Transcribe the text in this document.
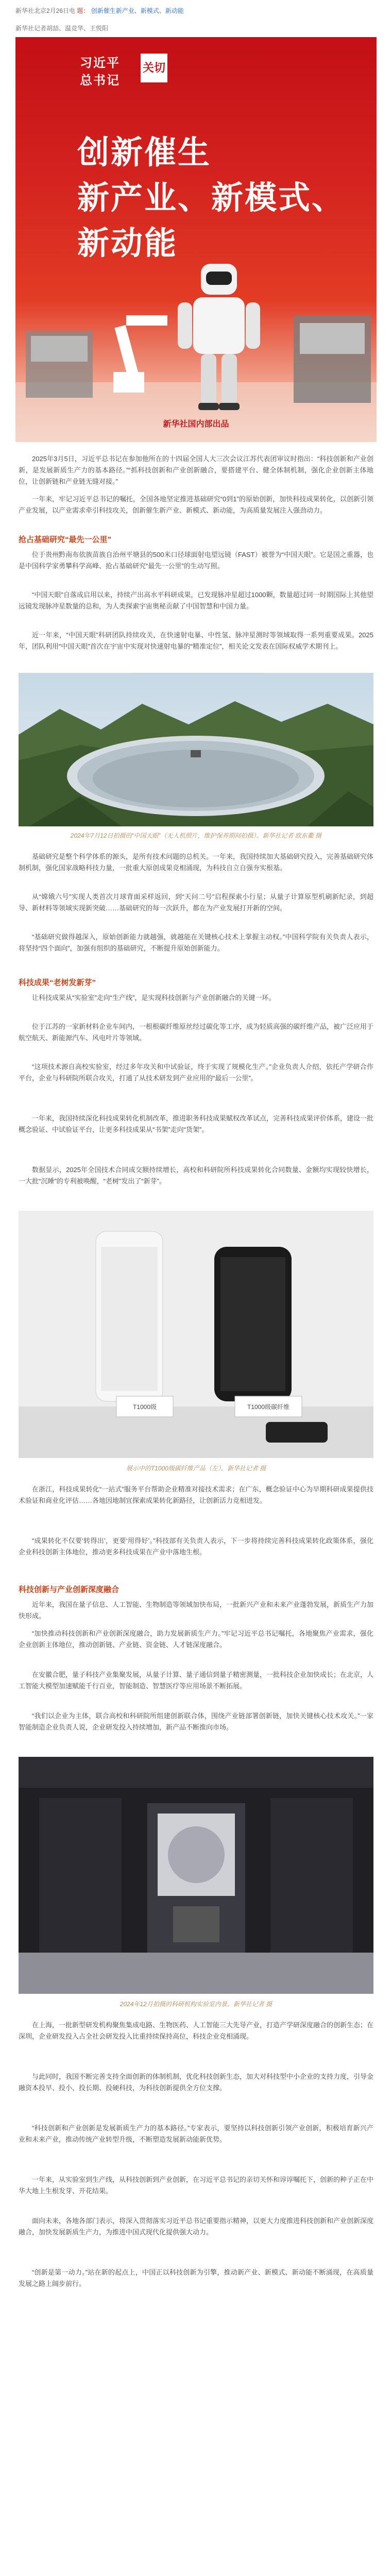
新华社北京2月26日电 题： 创新催生新产业、新模式、新动能
新华社记者胡喆、温竞华、王悦阳
习近平
总书记
关切
创新催生
新产业、新模式、
新动能
新华社国内部出品

2025年3月5日，习近平总书记在参加他所在的十四届全国人大三次会议江苏代表团审议时指出：“科技创新和产业创新，是发展新质生产力的基本路径。”“抓科技创新和产业创新融合，要搭建平台、健全体制机制，强化企业创新主体地位，让创新链和产业链无缝对接。”

一年来，牢记习近平总书记的嘱托，全国各地坚定推进基础研究“0到1”的原始创新，加快科技成果转化，以创新引领产业发展，以产业需求牵引科技攻关，创新催生新产业、新模式、新动能，为高质量发展注入强劲动力。

抢占基础研究“最先一公里”

位于贵州黔南布依族苗族自治州平塘县的500米口径球面射电望远镜（FAST）被誉为“中国天眼”。它是国之重器，也是中国科学家勇攀科学高峰、抢占基础研究“最先一公里”的生动写照。

“中国天眼”自落成启用以来，持续产出高水平科研成果，已发现脉冲星超过1000颗，数量超过同一时期国际上其他望远镜发现脉冲星数量的总和，为人类探索宇宙奥秘贡献了中国智慧和中国力量。

近一年来，“中国天眼”科研团队持续攻关，在快速射电暴、中性氢、脉冲星测时等领域取得一系列重要成果。2025年，团队利用“中国天眼”首次在宇宙中实现对快速射电暴的“精准定位”，相关论文发表在国际权威学术期刊上。

2024年7月12日拍摄的“中国天眼”（无人机照片，维护保养期间拍摄）。新华社记者 欧东衢 摄

基础研究是整个科学体系的源头，是所有技术问题的总机关。一年来，我国持续加大基础研究投入，完善基础研究体制机制，强化国家战略科技力量，一批重大原创成果竞相涌现，为科技自立自强夯实根基。

从“嫦娥六号”实现人类首次月球背面采样返回，到“天问二号”启程探索小行星；从量子计算原型机刷新纪录，到超导、新材料等领域实现新突破……基础研究的每一次跃升，都在为产业发展打开新的空间。

“基础研究做得越深入，原始创新能力就越强，就越能在关键核心技术上掌握主动权。”中国科学院有关负责人表示，将坚持“四个面向”，加强有组织的基础研究，不断提升原始创新能力。

科技成果“老树发新芽”

让科技成果从“实验室”走向“生产线”，是实现科技创新与产业创新融合的关键一环。

位于江苏的一家新材料企业车间内，一根根碳纤维原丝经过碳化等工序，成为轻质高强的碳纤维产品，被广泛应用于航空航天、新能源汽车、风电叶片等领域。

“这项技术源自高校实验室，经过多年攻关和中试验证，终于实现了规模化生产。”企业负责人介绍，依托产学研合作平台，企业与科研院所联合攻关，打通了从技术研发到产业应用的“最后一公里”。

一年来，我国持续深化科技成果转化机制改革，推进职务科技成果赋权改革试点，完善科技成果评价体系，建设一批概念验证、中试验证平台，让更多科技成果从“书架”走向“货架”。

数据显示，2025年全国技术合同成交额持续增长，高校和科研院所科技成果转化合同数量、金额均实现较快增长，一大批“沉睡”的专利被唤醒，“老树”发出了“新芽”。

T1000级	T1000级碳纤维
展示中的T1000级碳纤维产品（左）。新华社记者 摄

在浙江，科技成果转化“一站式”服务平台帮助企业精准对接技术需求；在广东，概念验证中心为早期科研成果提供技术验证和商业化评估……各地因地制宜探索成果转化新路径，让创新活力竞相迸发。

“成果转化不仅要‘转得出’，更要‘用得好’。”科技部有关负责人表示，下一步将持续完善科技成果转化政策体系，强化企业科技创新主体地位，推动更多科技成果在产业中落地生根。

科技创新与产业创新深度融合

近年来，我国在量子信息、人工智能、生物制造等领域加快布局，一批新兴产业和未来产业蓬勃发展，新质生产力加快形成。

“加快推动科技创新和产业创新深度融合，助力发展新质生产力。”牢记习近平总书记嘱托，各地聚焦产业需求，强化企业创新主体地位，推动创新链、产业链、资金链、人才链深度融合。

在安徽合肥，量子科技产业集聚发展，从量子计算、量子通信到量子精密测量，一批科技企业加快成长；在北京，人工智能大模型加速赋能千行百业，智能制造、智慧医疗等应用场景不断拓展。

“我们以企业为主体，联合高校和科研院所组建创新联合体，围绕产业链部署创新链，加快关键核心技术攻关。”一家智能制造企业负责人说，企业研发投入持续增加，新产品不断推向市场。

2024年12月拍摄的科研机构实验室内景。新华社记者 摄

在上海，一批新型研发机构聚焦集成电路、生物医药、人工智能三大先导产业，打造产学研深度融合的创新生态；在深圳，企业研发投入占全社会研发投入比重持续保持高位，科技企业竞相涌现。

与此同时，我国不断完善支持全面创新的体制机制，优化科技创新生态，加大对科技型中小企业的支持力度，引导金融资本投早、投小、投长期、投硬科技，为科技创新提供全方位支撑。

“科技创新和产业创新是发展新质生产力的基本路径。”专家表示，要坚持以科技创新引领产业创新，积极培育新兴产业和未来产业，推动传统产业转型升级，不断塑造发展新动能新优势。

一年来，从实验室到生产线，从科技创新到产业创新，在习近平总书记的亲切关怀和谆谆嘱托下，创新的种子正在中华大地上生根发芽、开花结果。

面向未来，各地各部门表示，将深入贯彻落实习近平总书记重要指示精神，以更大力度推进科技创新和产业创新深度融合，加快发展新质生产力，为推进中国式现代化提供强大动力。

“创新是第一动力。”站在新的起点上，中国正以科技创新为引擎，推动新产业、新模式、新动能不断涌现，在高质量发展之路上阔步前行。
